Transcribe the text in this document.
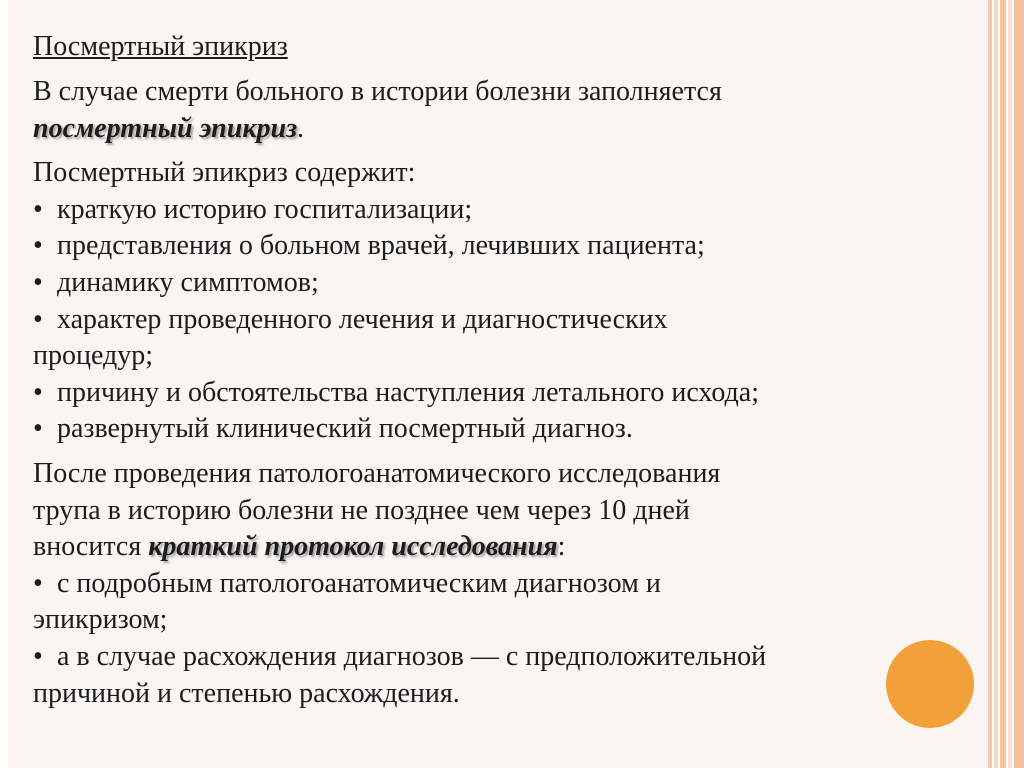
Посмертный эпикриз

В случае смерти больного в истории болезни заполняется
посмертный эпикриз.

Посмертный эпикриз содержит:

• краткую историю госпитализации;
• представления о больном врачей, лечивших пациента;
• динамику симптомов;
• характер проведенного лечения и диагностических
процедур;
• причину и обстоятельства наступления летального исхода;
• развернутый клинический посмертный диагноз.

После проведения патологоанатомического исследования
трупа в историю болезни не позднее чем через 10 дней
вносится краткий протокол исследования:

• с подробным патологоанатомическим диагнозом и
эпикризом;
• а в случае расхождения диагнозов — с предположительной
причиной и степенью расхождения.
